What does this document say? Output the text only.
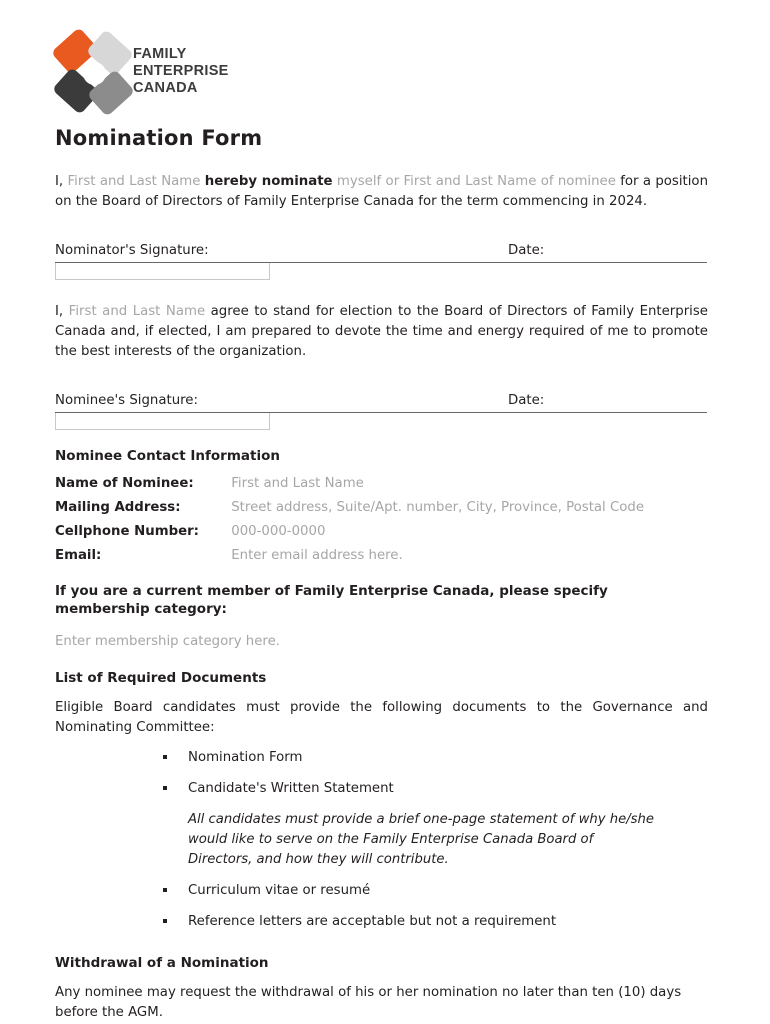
FAMILY
ENTERPRISE
CANADA
Nomination Form

I, First and Last Name hereby nominate myself or First and Last Name of nominee for a position on the Board of Directors of Family Enterprise Canada for the term commencing in 2024.

Nominator's Signature:	Date:

I, First and Last Name agree to stand for election to the Board of Directors of Family Enterprise Canada and, if elected, I am prepared to devote the time and energy required of me to promote the best interests of the organization.

Nominee's Signature:	Date:
Nominee Contact Information
Name of Nominee:	First and Last Name
Mailing Address:	Street address, Suite/Apt. number, City, Province, Postal Code
Cellphone Number: 000-000-0000
Email:	Enter email address here.
If you are a current member of Family Enterprise Canada, please specify membership category:
Enter membership category here.
List of Required Documents

Eligible Board candidates must provide the following documents to the Governance and Nominating Committee:

Nomination Form
Candidate's Written Statement
All candidates must provide a brief one-page statement of why he/she would like to serve on the Family Enterprise Canada Board of Directors, and how they will contribute.
Curriculum vitae or resumé
Reference letters are acceptable but not a requirement
Withdrawal of a Nomination

Any nominee may request the withdrawal of his or her nomination no later than ten (10) days before the AGM.
